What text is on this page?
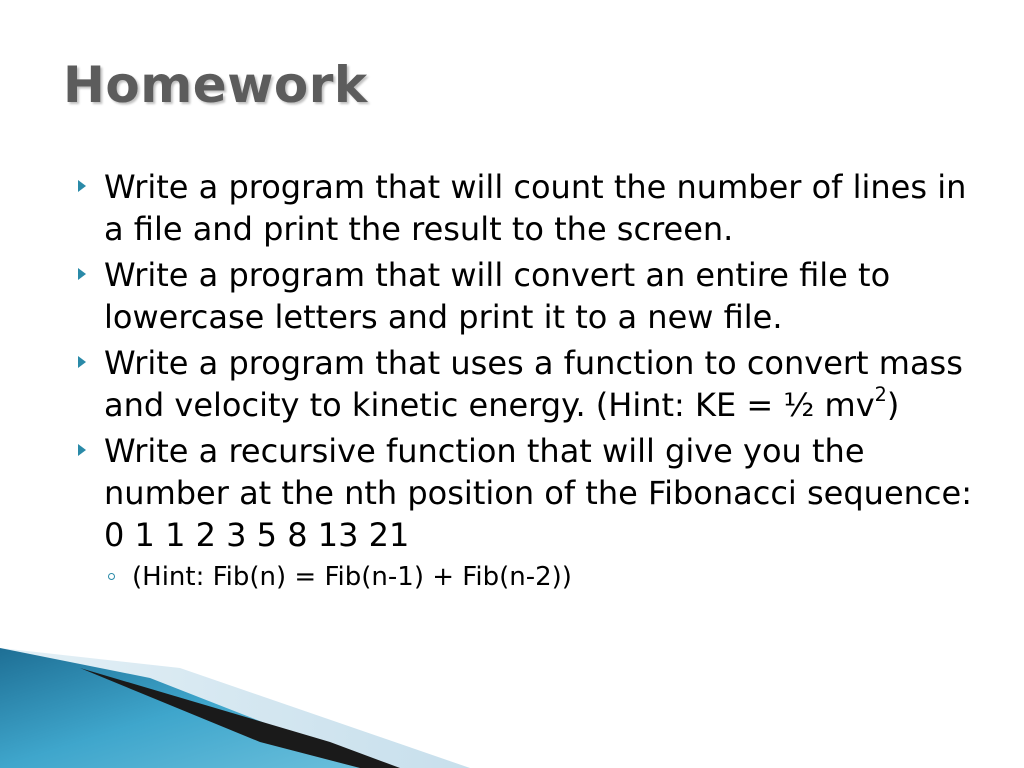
Homework
Write a program that will count the number of lines in a file and print the result to the screen.
Write a program that will convert an entire file to lowercase letters and print it to a new file.
Write a program that uses a function to convert mass and velocity to kinetic energy. (Hint: KE = ½ $mv^2$)
Write a recursive function that will give you the number at the nth position of the Fibonacci sequence: 0 1 1 2 3 5 8 13 21
(Hint: Fib(n) = Fib(n-1) + Fib(n-2))
